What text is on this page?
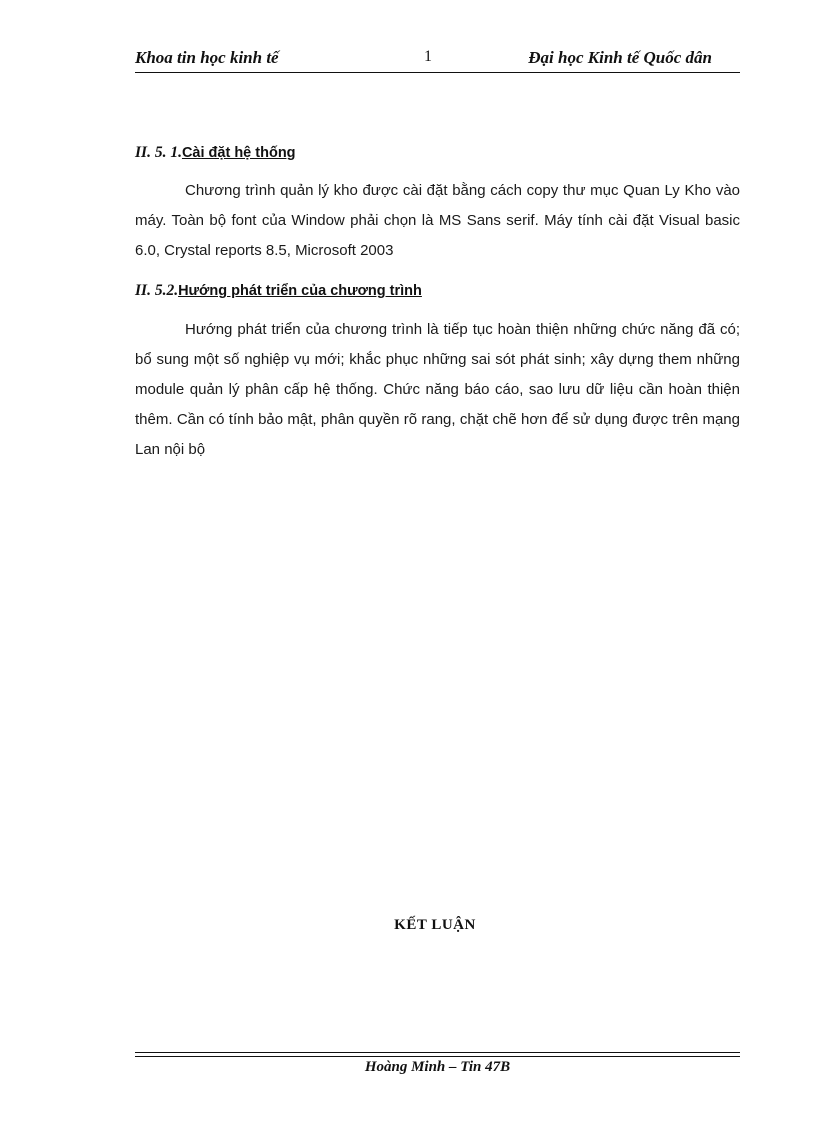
Khoa tin học kinh tế	1	Đại học Kinh tế Quốc dân
II. 5. 1.Cài đặt hệ thống

Chương trình quản lý kho được cài đặt bằng cách copy thư mục Quan Ly Kho vào máy. Toàn bộ font của Window phải chọn là MS Sans serif. Máy tính cài đặt Visual basic 6.0, Crystal reports 8.5, Microsoft 2003

II. 5.2.Hướng phát triển của chương trình

Hướng phát triển của chương trình là tiếp tục hoàn thiện những chức năng đã có; bổ sung một số nghiệp vụ mới; khắc phục những sai sót phát sinh; xây dựng them những module quản lý phân cấp hệ thống. Chức năng báo cáo, sao lưu dữ liệu cần hoàn thiện thêm. Cần có tính bảo mật, phân quyền rõ rang, chặt chẽ hơn để sử dụng được trên mạng Lan nội bộ

KẾT LUẬN
Hoàng Minh – Tin 47B
